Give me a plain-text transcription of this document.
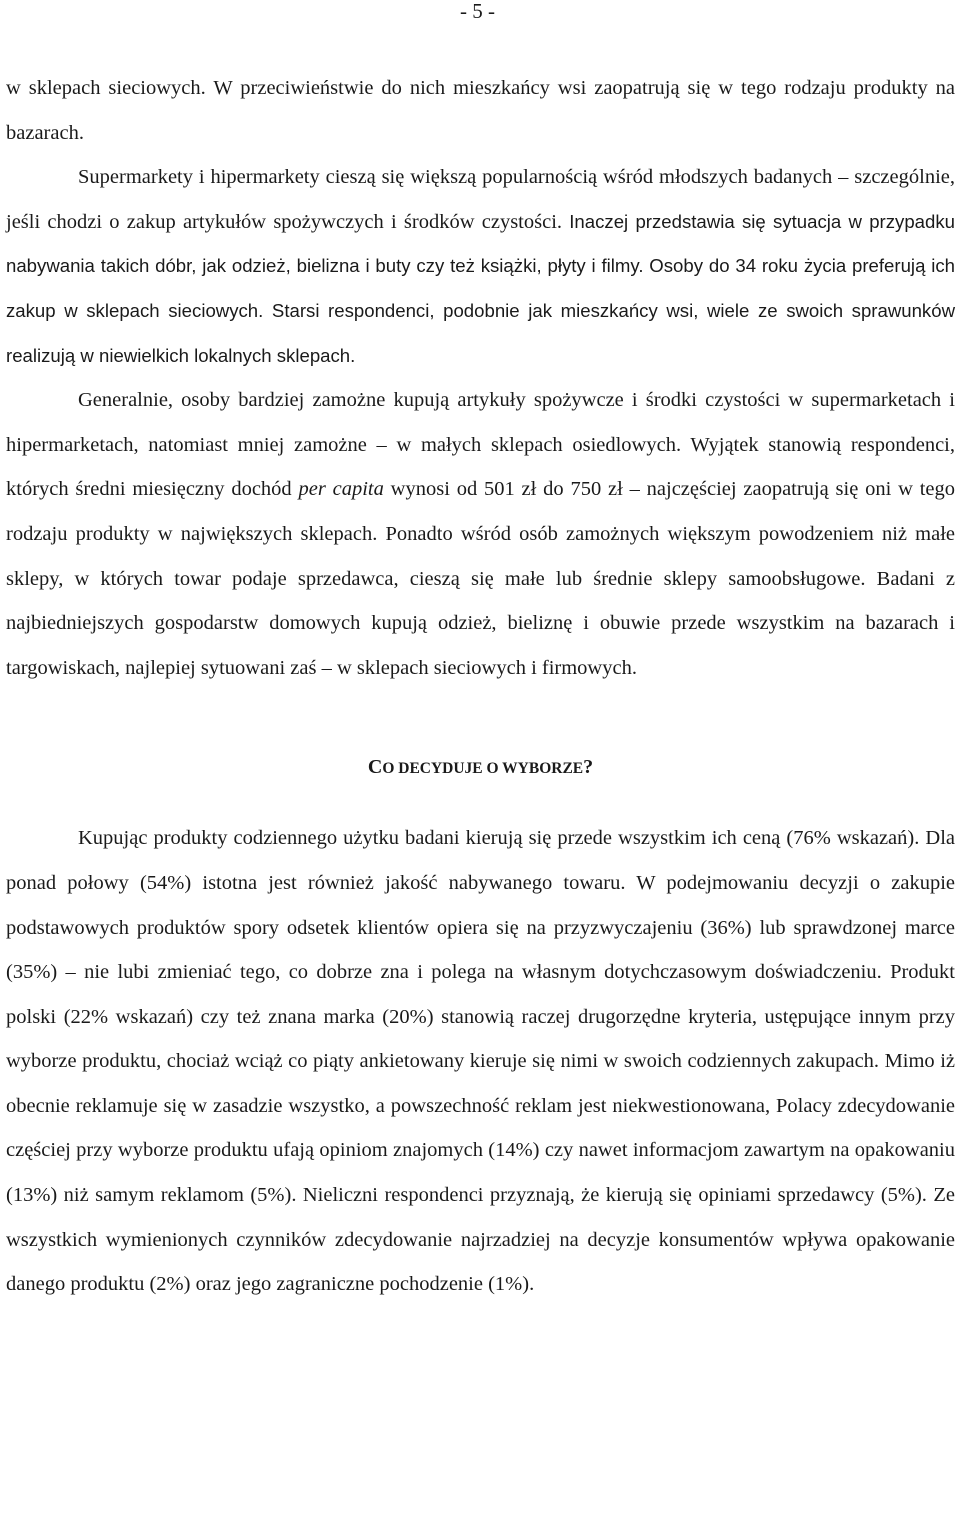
- 5 -

w sklepach sieciowych. W przeciwieństwie do nich mieszkańcy wsi zaopatrują się w tego rodzaju produkty na bazarach.

Supermarkety i hipermarkety cieszą się większą popularnością wśród młodszych badanych – szczególnie, jeśli chodzi o zakup artykułów spożywczych i środków czystości. Inaczej przedstawia się sytuacja w przypadku nabywania takich dóbr, jak odzież, bielizna i buty czy też książki, płyty i filmy. Osoby do 34 roku życia preferują ich zakup w sklepach sieciowych. Starsi respondenci, podobnie jak mieszkańcy wsi, wiele ze swoich sprawunków realizują w niewielkich lokalnych sklepach.

Generalnie, osoby bardziej zamożne kupują artykuły spożywcze i środki czystości w supermarketach i hipermarketach, natomiast mniej zamożne – w małych sklepach osiedlowych. Wyjątek stanowią respondenci, których średni miesięczny dochód per capita wynosi od 501 zł do 750 zł – najczęściej zaopatrują się oni w tego rodzaju produkty w największych sklepach. Ponadto wśród osób zamożnych większym powodzeniem niż małe sklepy, w których towar podaje sprzedawca, cieszą się małe lub średnie sklepy samoobsługowe. Badani z najbiedniejszych gospodarstw domowych kupują odzież, bieliznę i obuwie przede wszystkim na bazarach i targowiskach, najlepiej sytuowani zaś – w sklepach sieciowych i firmowych.

CO DECYDUJE O WYBORZE?

Kupując produkty codziennego użytku badani kierują się przede wszystkim ich ceną (76% wskazań). Dla ponad połowy (54%) istotna jest również jakość nabywanego towaru. W podejmowaniu decyzji o zakupie podstawowych produktów spory odsetek klientów opiera się na przyzwyczajeniu (36%) lub sprawdzonej marce (35%) – nie lubi zmieniać tego, co dobrze zna i polega na własnym dotychczasowym doświadczeniu. Produkt polski (22% wskazań) czy też znana marka (20%) stanowią raczej drugorzędne kryteria, ustępujące innym przy wyborze produktu, chociaż wciąż co piąty ankietowany kieruje się nimi w swoich codziennych zakupach. Mimo iż obecnie reklamuje się w zasadzie wszystko, a powszechność reklam jest niekwestionowana, Polacy zdecydowanie częściej przy wyborze produktu ufają opiniom znajomych (14%) czy nawet informacjom zawartym na opakowaniu (13%) niż samym reklamom (5%). Nieliczni respondenci przyznają, że kierują się opiniami sprzedawcy (5%). Ze wszystkich wymienionych czynników zdecydowanie najrzadziej na decyzje konsumentów wpływa opakowanie danego produktu (2%) oraz jego zagraniczne pochodzenie (1%).
